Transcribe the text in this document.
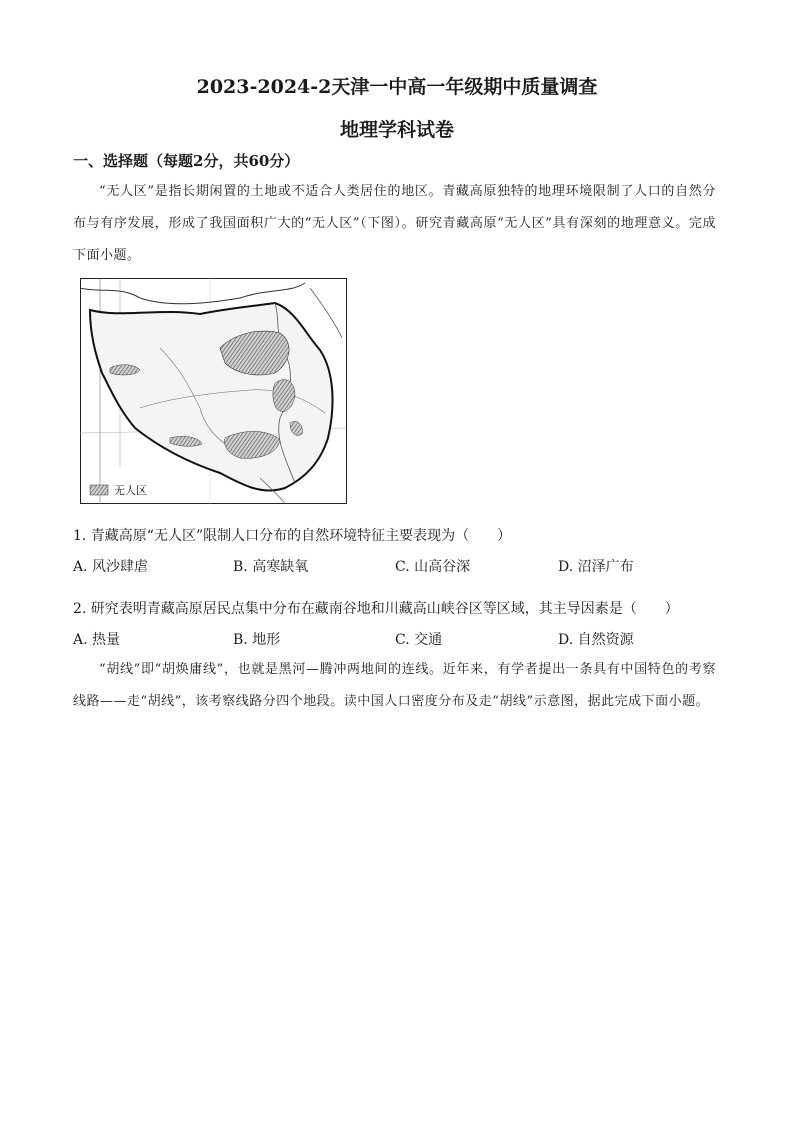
2023-2024-2天津一中高一年级期中质量调查
地理学科试卷
一、选择题（每题2分，共60分）
“无人区”是指长期闲置的土地或不适合人类居住的地区。青藏高原独特的地理环境限制了人口的自然分布与有序发展，形成了我国面积广大的“无人区”（下图）。研究青藏高原“无人区”具有深刻的地理意义。完成下面小题。
无人区
1. 青藏高原“无人区”限制人口分布的自然环境特征主要表现为（　　）
A. 风沙肆虐	B. 高寒缺氧	C. 山高谷深	D. 沼泽广布
2. 研究表明青藏高原居民点集中分布在藏南谷地和川藏高山峡谷区等区域，其主导因素是（　　）
A. 热量	B. 地形	C. 交通	D. 自然资源
“胡线”即“胡焕庸线”，也就是黑河—腾冲两地间的连线。近年来，有学者提出一条具有中国特色的考察线路——走“胡线”，该考察线路分四个地段。读中国人口密度分布及走“胡线”示意图，据此完成下面小题。
